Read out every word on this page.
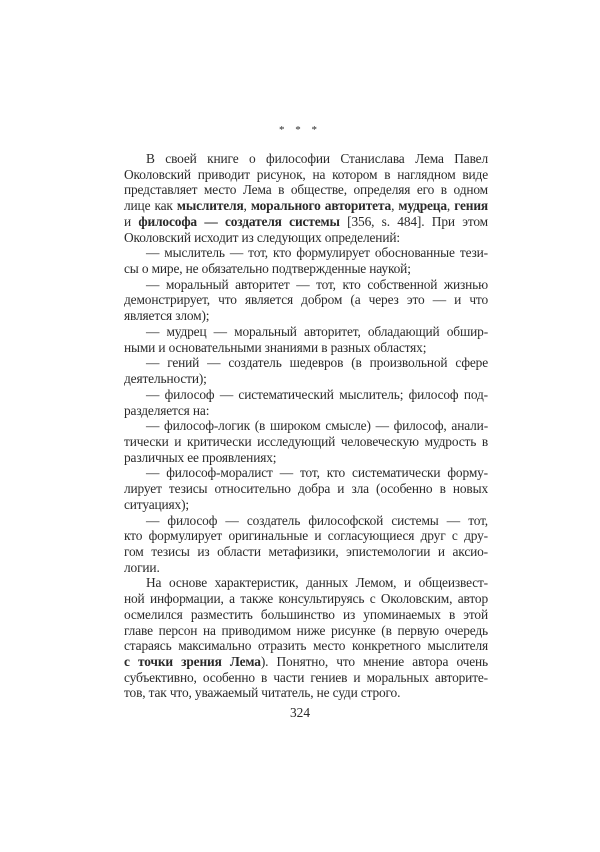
* * *
В своей книге о философии Станислава Лема Павел
Околовский приводит рисунок, на котором в наглядном виде
представляет место Лема в обществе, определяя его в одном
лице как мыслителя, морального авторитета, мудреца, гения
и философа — создателя системы [356, s. 484]. При этом
Околовский исходит из следующих определений:
— мыслитель — тот, кто формулирует обоснованные тези-
сы о мире, не обязательно подтвержденные наукой;
— моральный авторитет — тот, кто собственной жизнью
демонстрирует, что является добром (а через это — и что
является злом);
— мудрец — моральный авторитет, обладающий обшир-
ными и основательными знаниями в разных областях;
— гений — создатель шедевров (в произвольной сфере
деятельности);
— философ — систематический мыслитель; философ под-
разделяется на:
— философ-логик (в широком смысле) — философ, анали-
тически и критически исследующий человеческую мудрость в
различных ее проявлениях;
— философ-моралист — тот, кто систематически форму-
лирует тезисы относительно добра и зла (особенно в новых
ситуациях);
— философ — создатель философской системы — тот,
кто формулирует оригинальные и согласующиеся друг с дру-
гом тезисы из области метафизики, эпистемологии и аксио-
логии.
На основе характеристик, данных Лемом, и общеизвест-
ной информации, а также консультируясь с Околовским, автор
осмелился разместить большинство из упоминаемых в этой
главе персон на приводимом ниже рисунке (в первую очередь
стараясь максимально отразить место конкретного мыслителя
с точки зрения Лема). Понятно, что мнение автора очень
субъективно, особенно в части гениев и моральных авторите-
тов, так что, уважаемый читатель, не суди строго.
324
